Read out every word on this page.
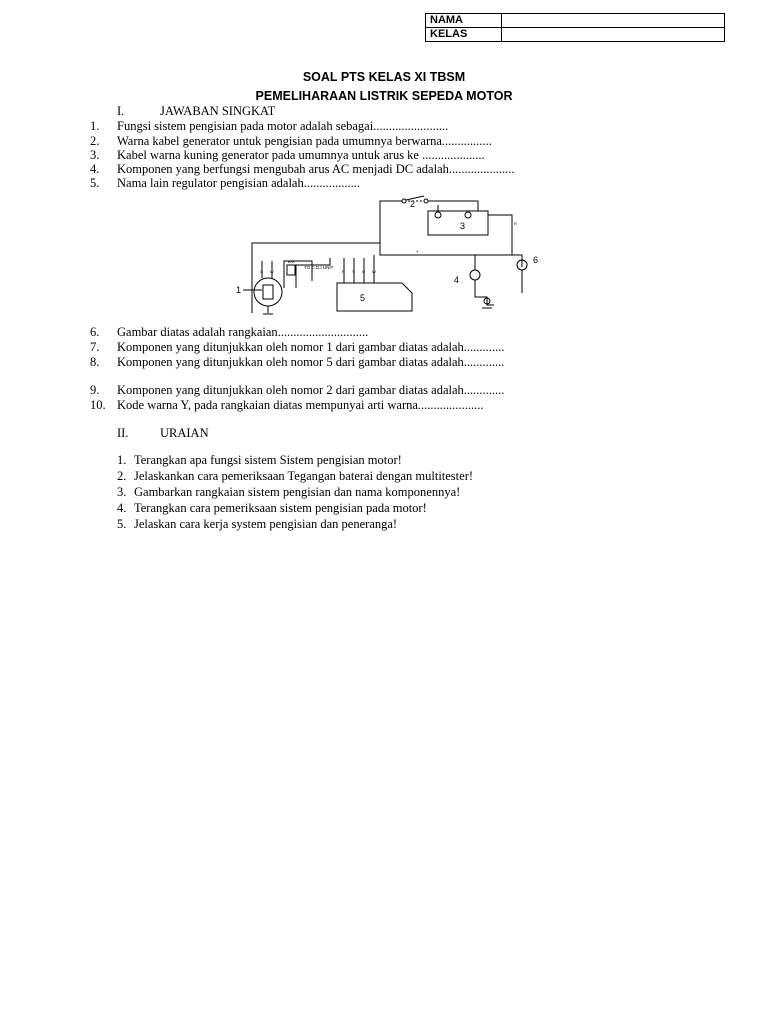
NAMA	
KELAS	
SOAL PTS KELAS XI TBSM
PEMELIHARAAN LISTRIK SEPEDA MOTOR
I.	JAWABAN SINGKAT
1. Fungsi sistem pengisian pada motor adalah sebagai........................
2. Warna kabel generator untuk pengisian pada umumnya berwarna................
3. Kabel warna kuning generator pada umumnya untuk arus ke ....................
4. Komponen yang berfungsi mengubah arus AC menjadi DC adalah.....................
5. Nama lain regulator pengisian adalah..................
2
3
6
4
5
1
TO C.D.I UNIT
G W
B/R
R Y G W
Y
R
6. Gambar diatas adalah rangkaian.............................
7. Komponen yang ditunjukkan oleh nomor 1 dari gambar diatas adalah.............
8. Komponen yang ditunjukkan oleh nomor 5 dari gambar diatas adalah.............
9. Komponen yang ditunjukkan oleh nomor 2 dari gambar diatas adalah.............
10. Kode warna Y, pada rangkaian diatas mempunyai arti warna.....................
II.	URAIAN
1. Terangkan apa fungsi sistem Sistem pengisian motor!
2. Jelaskankan cara pemeriksaan Tegangan baterai dengan multitester!
3. Gambarkan rangkaian sistem pengisian dan nama komponennya!
4. Terangkan cara pemeriksaan sistem pengisian pada motor!
5. Jelaskan cara kerja system pengisian dan peneranga!
